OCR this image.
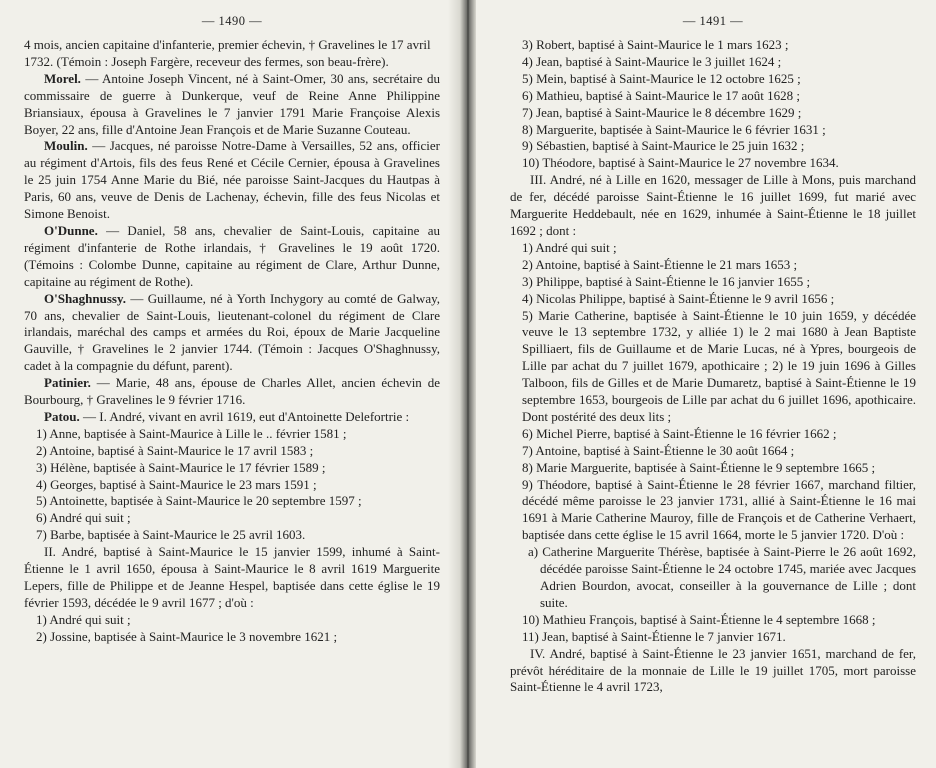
— 1490 —

4 mois, ancien capitaine d'infanterie, premier échevin, † Gravelines le 17 avril 1732. (Témoin : Joseph Fargère, receveur des fermes, son beau-frère).

Morel. — Antoine Joseph Vincent, né à Saint-Omer, 30 ans, secrétaire du commissaire de guerre à Dunkerque, veuf de Reine Anne Philippine Briansiaux, épousa à Gravelines le 7 janvier 1791 Marie Françoise Alexis Boyer, 22 ans, fille d'Antoine Jean François et de Marie Suzanne Couteau.

Moulin. — Jacques, né paroisse Notre-Dame à Versailles, 52 ans, officier au régiment d'Artois, fils des feus René et Cécile Cernier, épousa à Gravelines le 25 juin 1754 Anne Marie du Bié, née paroisse Saint-Jacques du Hautpas à Paris, 60 ans, veuve de Denis de Lachenay, échevin, fille des feus Nicolas et Simone Benoist.

O'Dunne. — Daniel, 58 ans, chevalier de Saint-Louis, capitaine au régiment d'infanterie de Rothe irlandais, † Gravelines le 19 août 1720. (Témoins : Colombe Dunne, capitaine au régiment de Clare, Arthur Dunne, capitaine au régiment de Rothe).

O'Shaghnussy. — Guillaume, né à Yorth Inchygory au comté de Galway, 70 ans, chevalier de Saint-Louis, lieutenant-colonel du régiment de Clare irlandais, maréchal des camps et armées du Roi, époux de Marie Jacqueline Gauville, † Gravelines le 2 janvier 1744. (Témoin : Jacques O'Shaghnussy, cadet à la compagnie du défunt, parent).

Patinier. — Marie, 48 ans, épouse de Charles Allet, ancien échevin de Bourbourg, † Gravelines le 9 février 1716.

Patou. — I. André, vivant en avril 1619, eut d'Antoinette Delefortrie :

1) Anne, baptisée à Saint-Maurice à Lille le .. février 1581 ;

2) Antoine, baptisé à Saint-Maurice le 17 avril 1583 ;

3) Hélène, baptisée à Saint-Maurice le 17 février 1589 ;

4) Georges, baptisé à Saint-Maurice le 23 mars 1591 ;

5) Antoinette, baptisée à Saint-Maurice le 20 septembre 1597 ;

6) André qui suit ;

7) Barbe, baptisée à Saint-Maurice le 25 avril 1603.

II. André, baptisé à Saint-Maurice le 15 janvier 1599, inhumé à Saint-Étienne le 1 avril 1650, épousa à Saint-Maurice le 8 avril 1619 Marguerite Lepers, fille de Philippe et de Jeanne Hespel, baptisée dans cette église le 19 février 1593, décédée le 9 avril 1677 ; d'où :

1) André qui suit ;

2) Jossine, baptisée à Saint-Maurice le 3 novembre 1621 ;

— 1491 —

3) Robert, baptisé à Saint-Maurice le 1 mars 1623 ;

4) Jean, baptisé à Saint-Maurice le 3 juillet 1624 ;

5) Mein, baptisé à Saint-Maurice le 12 octobre 1625 ;

6) Mathieu, baptisé à Saint-Maurice le 17 août 1628 ;

7) Jean, baptisé à Saint-Maurice le 8 décembre 1629 ;

8) Marguerite, baptisée à Saint-Maurice le 6 février 1631 ;

9) Sébastien, baptisé à Saint-Maurice le 25 juin 1632 ;

10) Théodore, baptisé à Saint-Maurice le 27 novembre 1634.

III. André, né à Lille en 1620, messager de Lille à Mons, puis marchand de fer, décédé paroisse Saint-Étienne le 16 juillet 1699, fut marié avec Marguerite Heddebault, née en 1629, inhumée à Saint-Étienne le 18 juillet 1692 ; dont :

1) André qui suit ;

2) Antoine, baptisé à Saint-Étienne le 21 mars 1653 ;

3) Philippe, baptisé à Saint-Étienne le 16 janvier 1655 ;

4) Nicolas Philippe, baptisé à Saint-Étienne le 9 avril 1656 ;

5) Marie Catherine, baptisée à Saint-Étienne le 10 juin 1659, y décédée veuve le 13 septembre 1732, y alliée 1) le 2 mai 1680 à Jean Baptiste Spilliaert, fils de Guillaume et de Marie Lucas, né à Ypres, bourgeois de Lille par achat du 7 juillet 1679, apothicaire ; 2) le 19 juin 1696 à Gilles Talboon, fils de Gilles et de Marie Dumaretz, baptisé à Saint-Étienne le 19 septembre 1653, bourgeois de Lille par achat du 6 juillet 1696, apothicaire. Dont postérité des deux lits ;

6) Michel Pierre, baptisé à Saint-Étienne le 16 février 1662 ;

7) Antoine, baptisé à Saint-Étienne le 30 août 1664 ;

8) Marie Marguerite, baptisée à Saint-Étienne le 9 septembre 1665 ;

9) Théodore, baptisé à Saint-Étienne le 28 février 1667, marchand filtier, décédé même paroisse le 23 janvier 1731, allié à Saint-Étienne le 16 mai 1691 à Marie Catherine Mauroy, fille de François et de Catherine Verhaert, baptisée dans cette église le 15 avril 1664, morte le 5 janvier 1720. D'où :

a) Catherine Marguerite Thérèse, baptisée à Saint-Pierre le 26 août 1692, décédée paroisse Saint-Étienne le 24 octobre 1745, mariée avec Jacques Adrien Bourdon, avocat, conseiller à la gouvernance de Lille ; dont suite.

10) Mathieu François, baptisé à Saint-Étienne le 4 septembre 1668 ;

11) Jean, baptisé à Saint-Étienne le 7 janvier 1671.

IV. André, baptisé à Saint-Étienne le 23 janvier 1651, marchand de fer, prévôt héréditaire de la monnaie de Lille le 19 juillet 1705, mort paroisse Saint-Étienne le 4 avril 1723,
